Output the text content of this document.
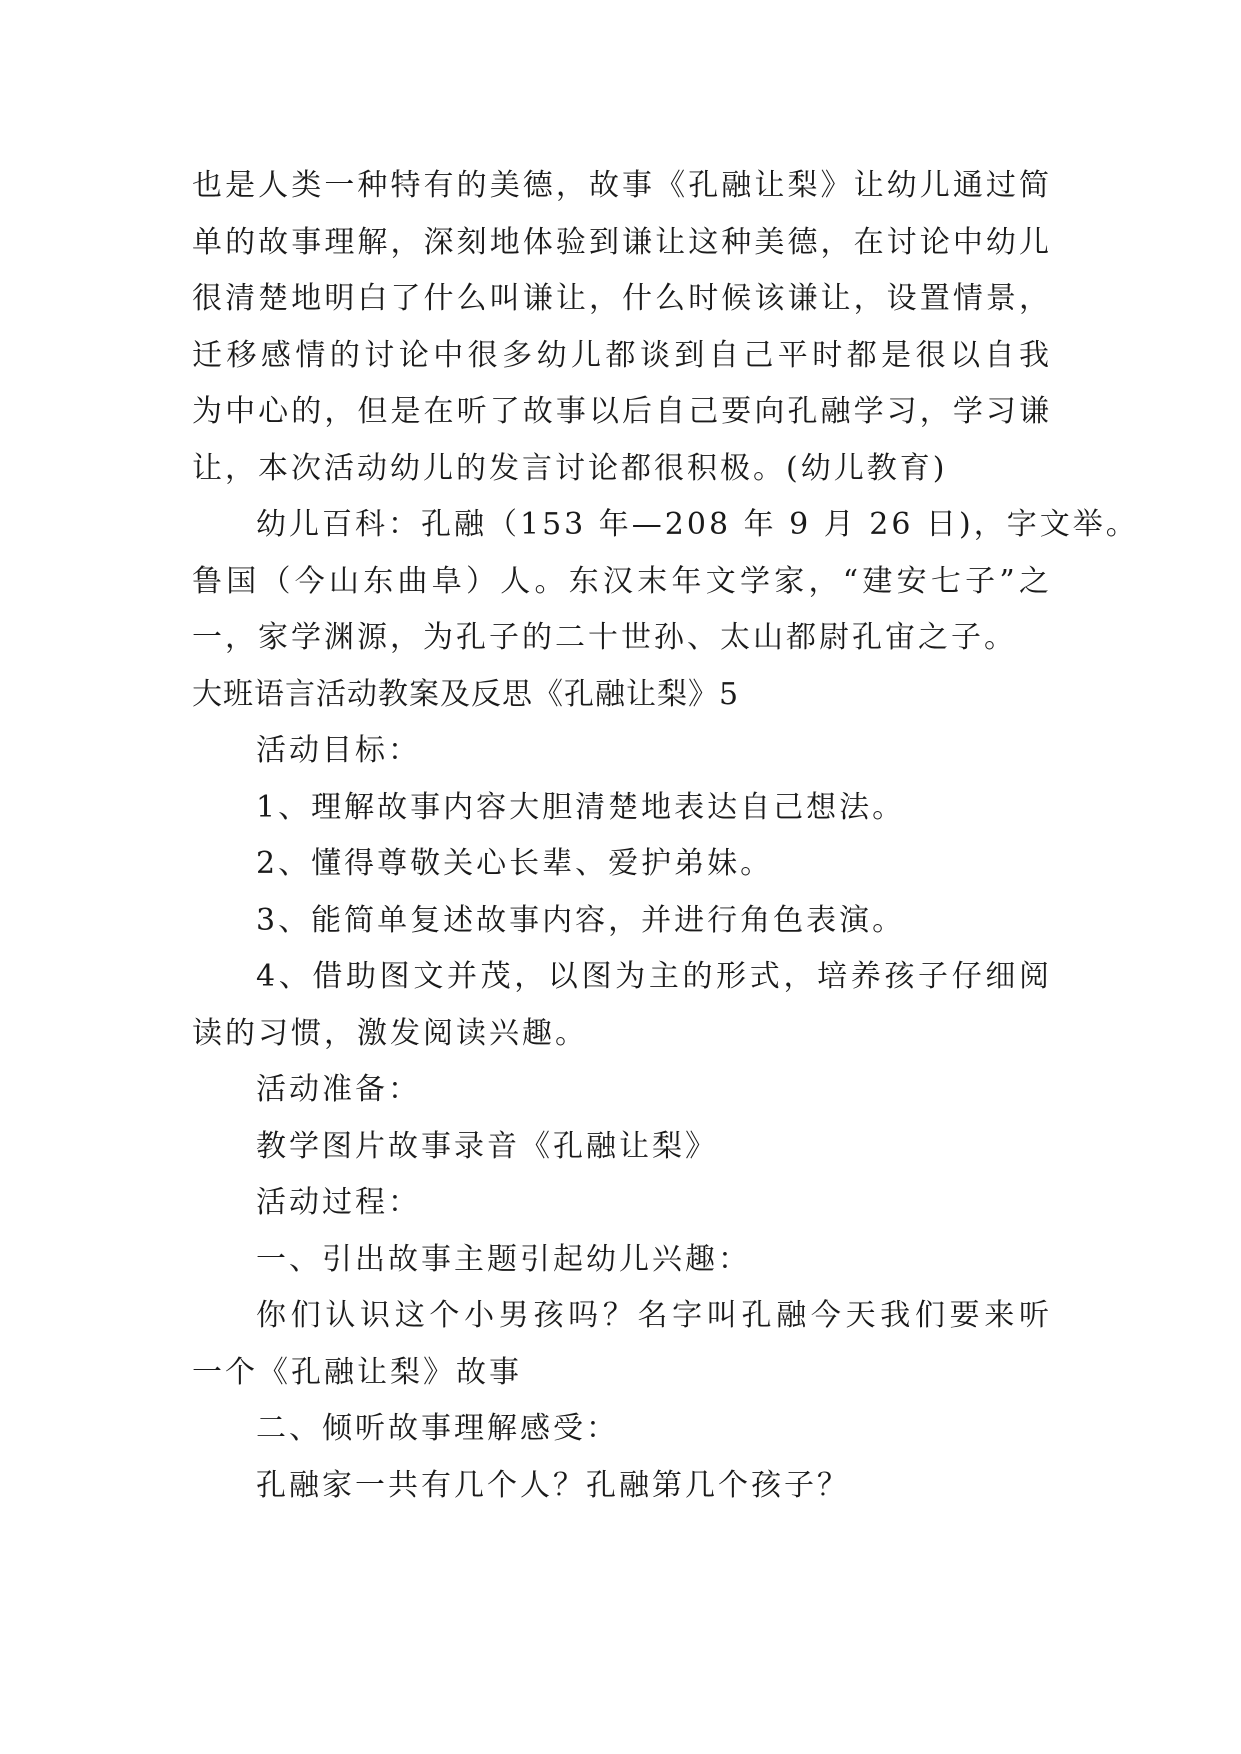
也是人类一种特有的美德，故事《孔融让梨》让幼儿通过简
单的故事理解，深刻地体验到谦让这种美德，在讨论中幼儿
很清楚地明白了什么叫谦让，什么时候该谦让，设置情景，
迁移感情的讨论中很多幼儿都谈到自己平时都是很以自我
为中心的，但是在听了故事以后自己要向孔融学习，学习谦
让，本次活动幼儿的发言讨论都很积极。(幼儿教育)
幼儿百科：孔融（153 年—208 年 9 月 26 日)，字文举。
鲁国（今山东曲阜）人。东汉末年文学家，“建安七子”之
一，家学渊源，为孔子的二十世孙、太山都尉孔宙之子。
大班语言活动教案及反思《孔融让梨》5
活动目标：
1、理解故事内容大胆清楚地表达自己想法。
2、懂得尊敬关心长辈、爱护弟妹。
3、能简单复述故事内容，并进行角色表演。
4、借助图文并茂，以图为主的形式，培养孩子仔细阅
读的习惯，激发阅读兴趣。
活动准备：
教学图片故事录音《孔融让梨》
活动过程：
一、引出故事主题引起幼儿兴趣：
你们认识这个小男孩吗？名字叫孔融今天我们要来听
一个《孔融让梨》故事
二、倾听故事理解感受：
孔融家一共有几个人？孔融第几个孩子？
